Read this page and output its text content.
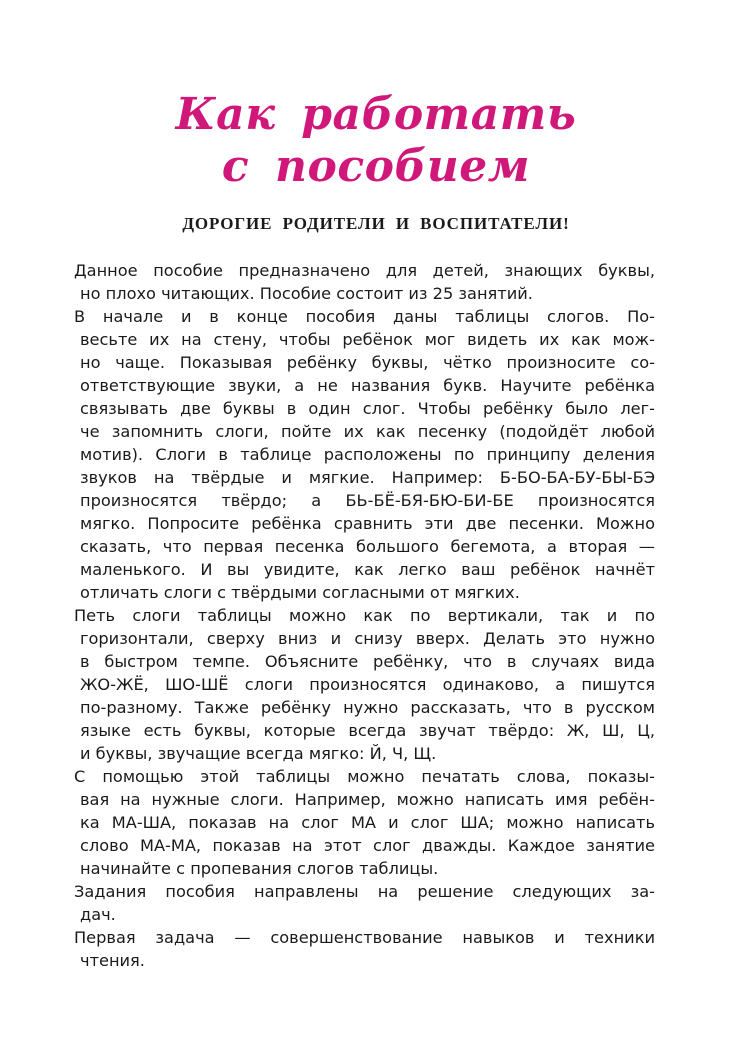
Как работать
с пособием
ДОРОГИЕ РОДИТЕЛИ И ВОСПИТАТЕЛИ!
Данное пособие предназначено для детей, знающих буквы,
но плохо читающих. Пособие состоит из 25 занятий.
В начале и в конце пособия даны таблицы слогов. По-
весьте их на стену, чтобы ребёнок мог видеть их как мож-
но чаще. Показывая ребёнку буквы, чётко произносите со-
ответствующие звуки, а не названия букв. Научите ребёнка
связывать две буквы в один слог. Чтобы ребёнку было лег-
че запомнить слоги, пойте их как песенку (подойдёт любой
мотив). Слоги в таблице расположены по принципу деления
звуков на твёрдые и мягкие. Например: Б-БО-БА-БУ-БЫ-БЭ
произносятся твёрдо; а БЬ-БЁ-БЯ-БЮ-БИ-БЕ произносятся
мягко. Попросите ребёнка сравнить эти две песенки. Можно
сказать, что первая песенка большого бегемота, а вторая —
маленького. И вы увидите, как легко ваш ребёнок начнёт
отличать слоги с твёрдыми согласными от мягких.
Петь слоги таблицы можно как по вертикали, так и по
горизонтали, сверху вниз и снизу вверх. Делать это нужно
в быстром темпе. Объясните ребёнку, что в случаях вида
ЖО-ЖЁ, ШО-ШЁ слоги произносятся одинаково, а пишутся
по-разному. Также ребёнку нужно рассказать, что в русском
языке есть буквы, которые всегда звучат твёрдо: Ж, Ш, Ц,
и буквы, звучащие всегда мягко: Й, Ч, Щ.
С помощью этой таблицы можно печатать слова, показы-
вая на нужные слоги. Например, можно написать имя ребён-
ка МА-ША, показав на слог МА и слог ША; можно написать
слово МА-МА, показав на этот слог дважды. Каждое занятие
начинайте с пропевания слогов таблицы.
Задания пособия направлены на решение следующих за-
дач.
Первая задача — совершенствование навыков и техники
чтения.
